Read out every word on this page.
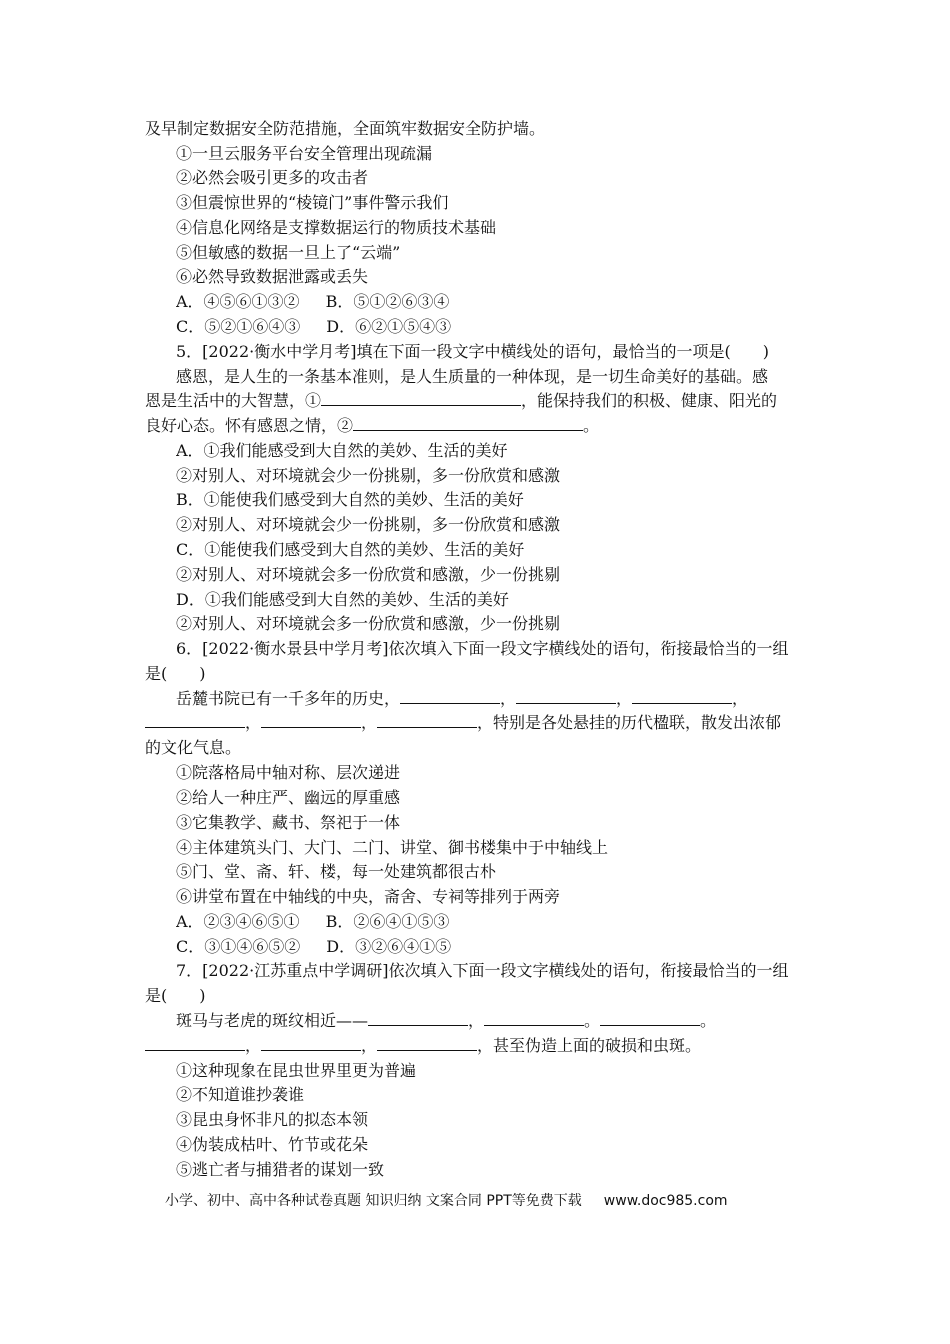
及早制定数据安全防范措施，全面筑牢数据安全防护墙。
①一旦云服务平台安全管理出现疏漏
②必然会吸引更多的攻击者
③但震惊世界的“棱镜门”事件警示我们
④信息化网络是支撑数据运行的物质技术基础
⑤但敏感的数据一旦上了“云端”
⑥必然导致数据泄露或丢失
A．④⑤⑥①③② B．⑤①②⑥③④
C．⑤②①⑥④③ D．⑥②①⑤④③
5．[2022·衡水中学月考]填在下面一段文字中横线处的语句，最恰当的一项是(　　)
感恩，是人生的一条基本准则，是人生质量的一种体现，是一切生命美好的基础。感
恩是生活中的大智慧，①	，能保持我们的积极、健康、阳光的
良好心态。怀有感恩之情，②	。
A．①我们能感受到大自然的美妙、生活的美好
②对别人、对环境就会少一份挑剔，多一份欣赏和感激
B．①能使我们感受到大自然的美妙、生活的美好
②对别人、对环境就会少一份挑剔，多一份欣赏和感激
C．①能使我们感受到大自然的美妙、生活的美好
②对别人、对环境就会多一份欣赏和感激，少一份挑剔
D．①我们能感受到大自然的美妙、生活的美好
②对别人、对环境就会多一份欣赏和感激，少一份挑剔
6．[2022·衡水景县中学月考]依次填入下面一段文字横线处的语句，衔接最恰当的一组
是(　　)
岳麓书院已有一千多年的历史，	，	，	，
，	，	，特别是各处悬挂的历代楹联，散发出浓郁
的文化气息。
①院落格局中轴对称、层次递进
②给人一种庄严、幽远的厚重感
③它集教学、藏书、祭祀于一体
④主体建筑头门、大门、二门、讲堂、御书楼集中于中轴线上
⑤门、堂、斋、轩、楼，每一处建筑都很古朴
⑥讲堂布置在中轴线的中央，斋舍、专祠等排列于两旁
A．②③④⑥⑤① B．②⑥④①⑤③
C．③①④⑥⑤② D．③②⑥④①⑤
7．[2022·江苏重点中学调研]依次填入下面一段文字横线处的语句，衔接最恰当的一组
是(　　)
斑马与老虎的斑纹相近——	，	。	。
，	，	，甚至伪造上面的破损和虫斑。
①这种现象在昆虫世界里更为普遍
②不知道谁抄袭谁
③昆虫身怀非凡的拟态本领
④伪装成枯叶、竹节或花朵
⑤逃亡者与捕猎者的谋划一致
小学、初中、高中各种试卷真题 知识归纳 文案合同 PPT等免费下载 www.doc985.com
